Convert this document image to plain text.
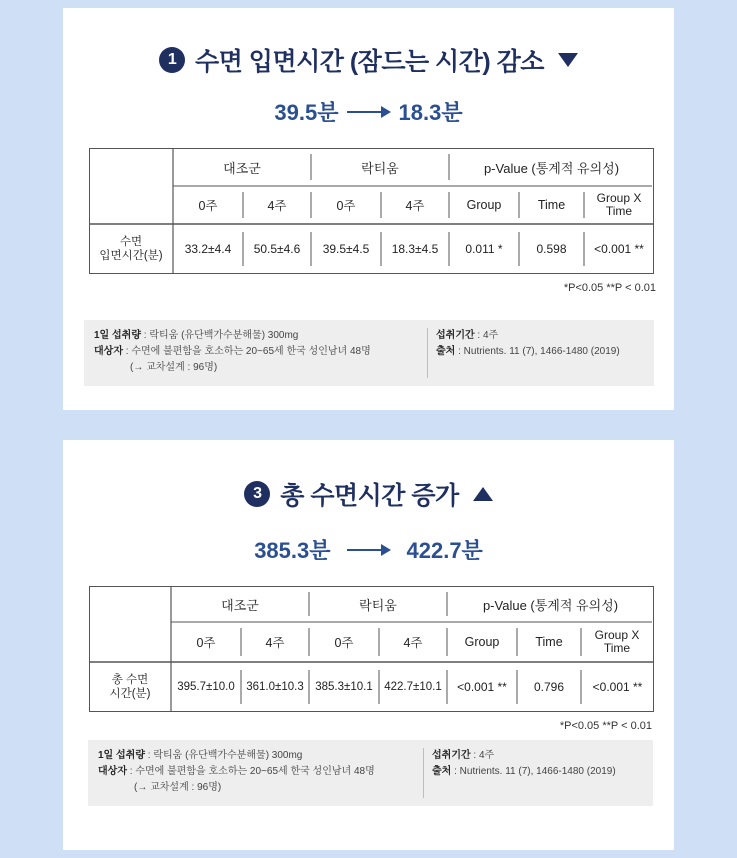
1 수면 입면시간 (잠드는 시간) 감소
39.5분	18.3분
대조군	락티움	p-Value (통계적 유의성)
0주	4주	0주	4주	Group	Time	Group X Time
수면
입면시간(분)	33.2±4.4	50.5±4.6	39.5±4.5	18.3±4.5	0.011 *	0.598	<0.001 **
*P<0.05 **P < 0.01
1일 섭취량 : 락티움 (유단백가수분해물) 300mg
대상자 : 수면에 불편함을 호소하는 20~65세 한국 성인남녀 48명
(→ 교차설계 : 96명)
섭취기간 : 4주
출처 : Nutrients. 11 (7), 1466-1480 (2019)
3 총 수면시간 증가
385.3분	422.7분
대조군	락티움	p-Value (통계적 유의성)
0주	4주	0주	4주	Group	Time	Group X Time
총 수면
시간(분)
395.7±10.0	361.0±10.3	385.3±10.1	422.7±10.1	<0.001 **	0.796	<0.001 **
*P<0.05 **P < 0.01
1일 섭취량 : 락티움 (유단백가수분해물) 300mg
대상자 : 수면에 불편함을 호소하는 20~65세 한국 성인남녀 48명
(→ 교차설계 : 96명)
섭취기간 : 4주
출처 : Nutrients. 11 (7), 1466-1480 (2019)
